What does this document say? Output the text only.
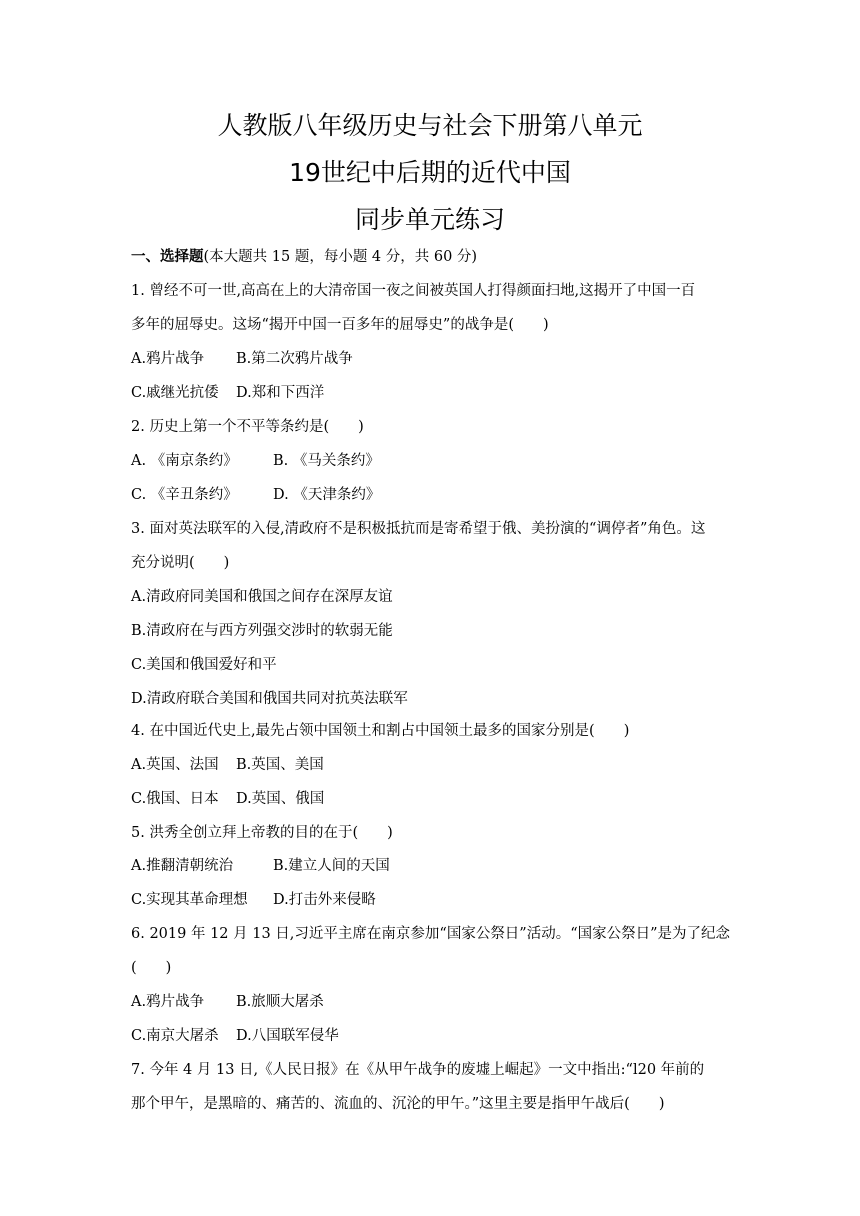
人教版八年级历史与社会下册第八单元
19世纪中后期的近代中国
同步单元练习
一、选择题(本大题共 15 题，每小题 4 分，共 60 分)
1. 曾经不可一世,高高在上的大清帝国一夜之间被英国人打得颜面扫地,这揭开了中国一百
多年的屈辱史。这场“揭开中国一百多年的屈辱史”的战争是(　　)
A.鸦片战争 B.第二次鸦片战争
C.戚继光抗倭 D.郑和下西洋
2. 历史上第一个不平等条约是(　　)
A. 《南京条约》 B. 《马关条约》
C. 《辛丑条约》 D. 《天津条约》
3. 面对英法联军的入侵,清政府不是积极抵抗而是寄希望于俄、美扮演的“调停者”角色。这
充分说明(　　)
A.清政府同美国和俄国之间存在深厚友谊
B.清政府在与西方列强交涉时的软弱无能
C.美国和俄国爱好和平
D.清政府联合美国和俄国共同对抗英法联军
4. 在中国近代史上,最先占领中国领土和割占中国领土最多的国家分别是(　　)
A.英国、法国 B.英国、美国
C.俄国、日本 D.英国、俄国
5. 洪秀全创立拜上帝教的目的在于(　　)
A.推翻清朝统治	B.建立人间的天国
C.实现其革命理想 D.打击外来侵略
6. 2019 年 12 月 13 日,习近平主席在南京参加“国家公祭日”活动。“国家公祭日”是为了纪念
(　　)
A.鸦片战争 B.旅顺大屠杀
C.南京大屠杀 D.八国联军侵华
7. 今年 4 月 13 日,《人民日报》在《从甲午战争的废墟上崛起》一文中指出:“l20 年前的
那个甲午，是黑暗的、痛苦的、流血的、沉沦的甲午。”这里主要是指甲午战后(　　)
